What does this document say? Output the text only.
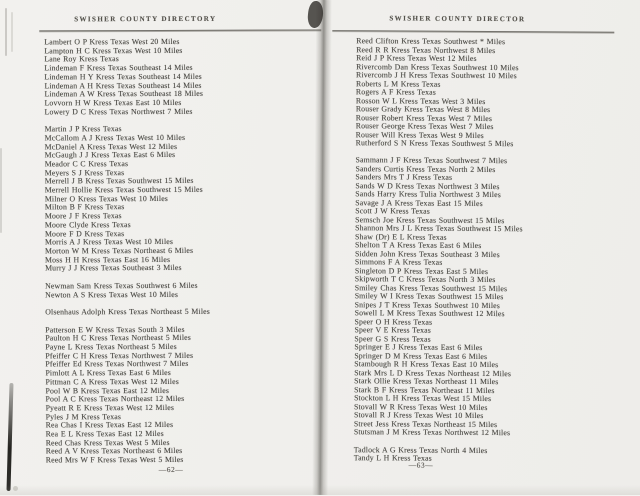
SWISHER COUNTY DIRECTORY
Lambert O P Kress Texas West 20 Miles
Lampton H C Kress Texas West 10 Miles
Lane Roy Kress Texas
Lindeman F Kress Texas Southeast 14 Miles
Lindeman H Y Kress Texas Southeast 14 Miles
Lindeman A H Kress Texas Southeast 14 Miles
Lindeman A W Kress Texas Southeast 18 Miles
Lovvorn H W Kress Texas East 10 Miles
Lowery D C Kress Texas Northwest 7 Miles
Martin J P Kress Texas
McCallom A J Kress Texas West 10 Miles
McDaniel A Kress Texas West 12 Miles
McGaugh J J Kress Texas East 6 Miles
Meador C C Kress Texas
Meyers S J Kress Texas
Merrell J B Kress Texas Southwest 15 Miles
Merrell Hollie Kress Texas Southwest 15 Miles
Milner O Kress Texas West 10 Miles
Milton B F Kress Texas
Moore J F Kress Texas
Moore Clyde Kress Texas
Moore F D Kress Texas
Morris A J Kress Texas West 10 Miles
Morton W M Kress Texas Northeast 6 Miles
Moss H H Kress Texas East 16 Miles
Murry J J Kress Texas Southeast 3 Miles
Newman Sam Kress Texas Southwest 6 Miles
Newton A S Kress Texas West 10 Miles
Olsenhaus Adolph Kress Texas Northeast 5 Miles
Patterson E W Kress Texas South 3 Miles
Paulton H C Kress Texas Northeast 5 Miles
Payne L Kress Texas Northeast 5 Miles
Pfeiffer C H Kress Texas Northwest 7 Miles
Pfeiffer Ed Kress Texas Northwest 7 Miles
Pimlott A L Kress Texas East 6 Miles
Pittman C A Kress Texas West 12 Miles
Pool W B Kress Texas East 12 Miles
Pool A C Kress Texas Northeast 12 Miles
Pyeatt R E Kress Texas West 12 Miles
Pyles J M Kress Texas
Rea Chas I Kress Texas East 12 Miles
Rea E L Kress Texas East 12 Miles
Reed Chas Kress Texas West 5 Miles
Reed A V Kress Texas Northeast 6 Miles
Reed Mrs W F Kress Texas West 5 Miles
—62—
SWISHER COUNTY DIRECTOR
Reed Clifton Kress Texas Southwest * Miles
Reed R R Kress Texas Northwest 8 Miles
Reid J P Kress Texas West 12 Miles
Rivercomb Dan Kress Texas Southwest 10 Miles
Rivercomb J H Kress Texas Southwest 10 Miles
Roberts L M Kress Texas
Rogers A F Kress Texas
Rosson W L Kress Texas West 3 Miles
Rouser Grady Kress Texas West 8 Miles
Rouser Robert Kress Texas West 7 Miles
Rouser George Kress Texas West 7 Miles
Rouser Will Kress Texas West 9 Miles
Rutherford S N Kress Texas Southwest 5 Miles
Sammann J F Kress Texas Southwest 7 Miles
Sanders Curtis Kress Texas North 2 Miles
Sanders Mrs T J Kress Texas
Sands W D Kress Texas Northwest 3 Miles
Sands Harry Kress Tulia Northwest 3 Miles
Savage J A Kress Texas East 15 Miles
Scott J W Kress Texas
Semsch Joe Kress Texas Southwest 15 Miles
Shannon Mrs J L Kress Texas Southwest 15 Miles
Shaw (Dr) E L Kress Texas
Shelton T A Kress Texas East 6 Miles
Sidden John Kress Texas Southeast 3 Miles
Simmons F A Kress Texas
Singleton D P Kress Texas East 5 Miles
Skipworth T C Kress Texas North 3 Miles
Smiley Chas Kress Texas Southwest 15 Miles
Smiley W I Kress Texas Southwest 15 Miles
Snipes J T Kress Texas Southwest 10 Miles
Sowell L M Kress Texas Southwest 12 Miles
Speer O H Kress Texas
Speer V E Kress Texas
Speer G S Kress Texas
Springer E J Kress Texas East 6 Miles
Springer D M Kress Texas East 6 Miles
Stambough R H Kress Texas East 10 Miles
Stark Mrs L D Kress Texas Northeast 12 Miles
Stark Ollie Kress Texas Northeast 11 Miles
Stark B F Kress Texas Northeast 11 Miles
Stockton L H Kress Texas West 15 Miles
Stovall W R Kress Texas West 10 Miles
Stovall R J Kress Texas West 10 Miles
Street Jess Kress Texas Northeast 15 Miles
Stutsman J M Kress Texas Northwest 12 Miles
Tadlock A G Kress Texas North 4 Miles
Tandy L H Kress Texas
—63—
